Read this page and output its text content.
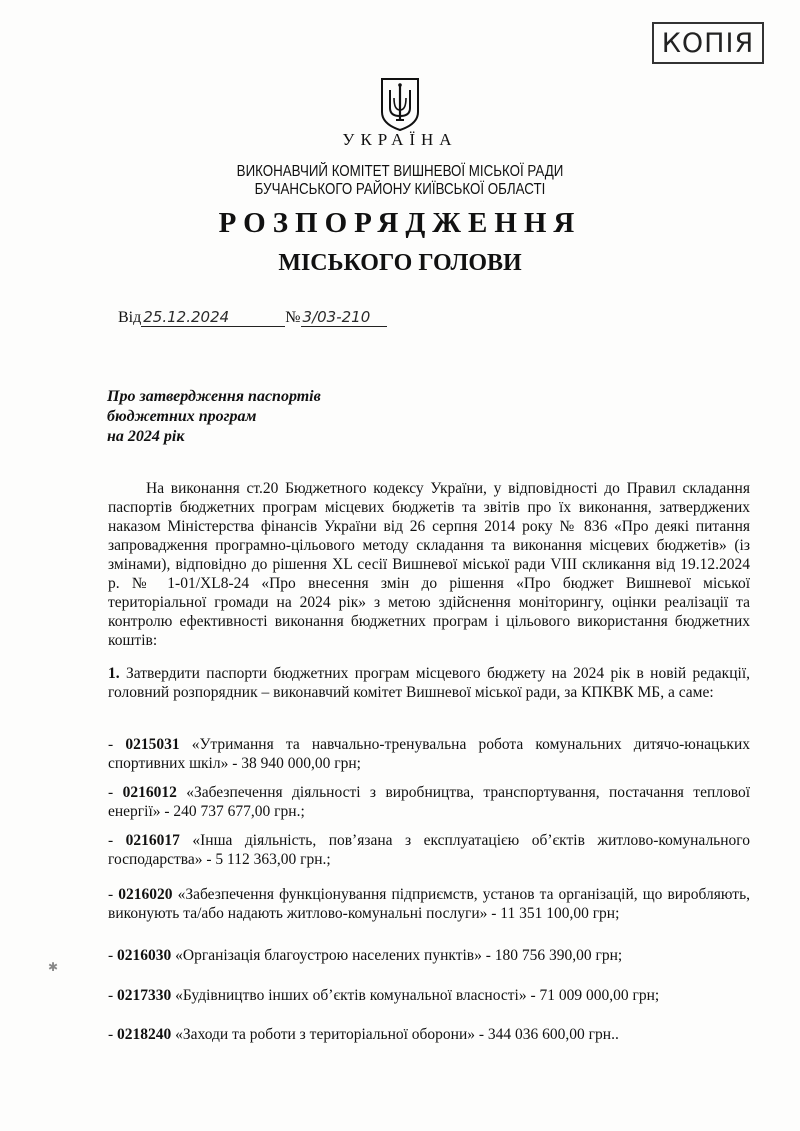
КОПІЯ
УКРАЇНА
ВИКОНАВЧИЙ КОМІТЕТ ВИШНЕВОЇ МІСЬКОЇ РАДИ
БУЧАНСЬКОГО РАЙОНУ КИЇВСЬКОЇ ОБЛАСТІ
РОЗПОРЯДЖЕННЯ
МІСЬКОГО ГОЛОВИ
Від 25.12.2024	№ 3/03-210
Про затвердження паспортів
бюджетних програм
на 2024 рік
На виконання ст.20 Бюджетного кодексу України, у відповідності до Правил складання паспортів бюджетних програм місцевих бюджетів та звітів про їх виконання, затверджених наказом Міністерства фінансів України від 26 серпня 2014 року № 836 «Про деякі питання запровадження програмно-цільового методу складання та виконання місцевих бюджетів» (із змінами), відповідно до рішення XL сесії Вишневої міської ради VIII скликання від 19.12.2024 р. № 1-01/XL8-24 «Про внесення змін до рішення «Про бюджет Вишневої міської територіальної громади на 2024 рік» з метою здійснення моніторингу, оцінки реалізації та контролю ефективності виконання бюджетних програм і цільового використання бюджетних коштів:
1. Затвердити паспорти бюджетних програм місцевого бюджету на 2024 рік в новій редакції, головний розпорядник – виконавчий комітет Вишневої міської ради, за КПКВК МБ, а саме:
- 0215031 «Утримання та навчально-тренувальна робота комунальних дитячо-юнацьких спортивних шкіл» - 38 940 000,00 грн;
- 0216012 «Забезпечення діяльності з виробництва, транспортування, постачання теплової енергії» - 240 737 677,00 грн.;
- 0216017 «Інша діяльність, пов’язана з експлуатацією об’єктів житлово-комунального господарства» - 5 112 363,00 грн.;
- 0216020 «Забезпечення функціонування підприємств, установ та організацій, що виробляють, виконують та/або надають житлово-комунальні послуги» - 11 351 100,00 грн;
- 0216030 «Організація благоустрою населених пунктів» - 180 756 390,00 грн;
- 0217330 «Будівництво інших об’єктів комунальної власності» - 71 009 000,00 грн;
- 0218240 «Заходи та роботи з територіальної оборони» - 344 036 600,00 грн..
✱
